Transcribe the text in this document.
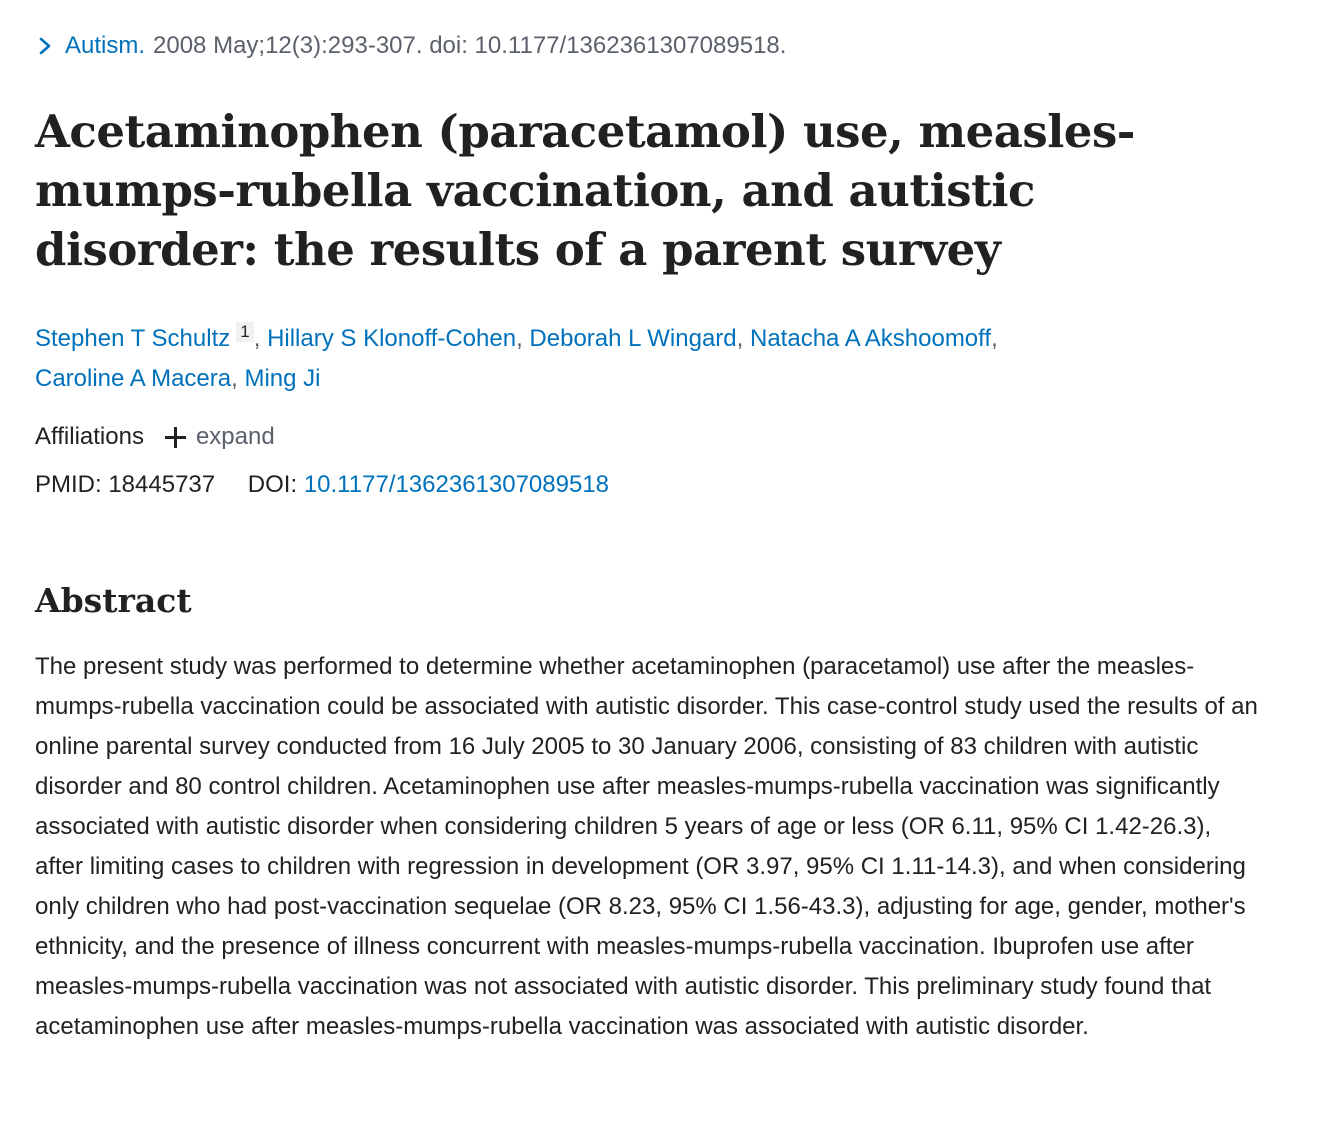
Autism. 2008 May;12(3):293-307. doi: 10.1177/1362361307089518.
Acetaminophen (paracetamol) use, measles-mumps-rubella vaccination, and autistic disorder: the results of a parent survey
Stephen T Schultz $^1$ , Hillary S Klonoff-Cohen, Deborah L Wingard, Natacha A Akshoomoff,
Caroline A Macera, Ming Ji
Affiliations expand
PMID: 18445737 DOI: 10.1177/1362361307089518
Abstract
The present study was performed to determine whether acetaminophen (paracetamol) use after the measles-mumps-rubella vaccination could be associated with autistic disorder. This case-control study used the results of an online parental survey conducted from 16 July 2005 to 30 January 2006, consisting of 83 children with autistic disorder and 80 control children. Acetaminophen use after measles-mumps-rubella vaccination was significantly associated with autistic disorder when considering children 5 years of age or less (OR 6.11, 95% CI 1.42-26.3), after limiting cases to children with regression in development (OR 3.97, 95% CI 1.11-14.3), and when considering only children who had post-vaccination sequelae (OR 8.23, 95% CI 1.56-43.3), adjusting for age, gender, mother's ethnicity, and the presence of illness concurrent with measles-mumps-rubella vaccination. Ibuprofen use after measles-mumps-rubella vaccination was not associated with autistic disorder. This preliminary study found that acetaminophen use after measles-mumps-rubella vaccination was associated with autistic disorder.
